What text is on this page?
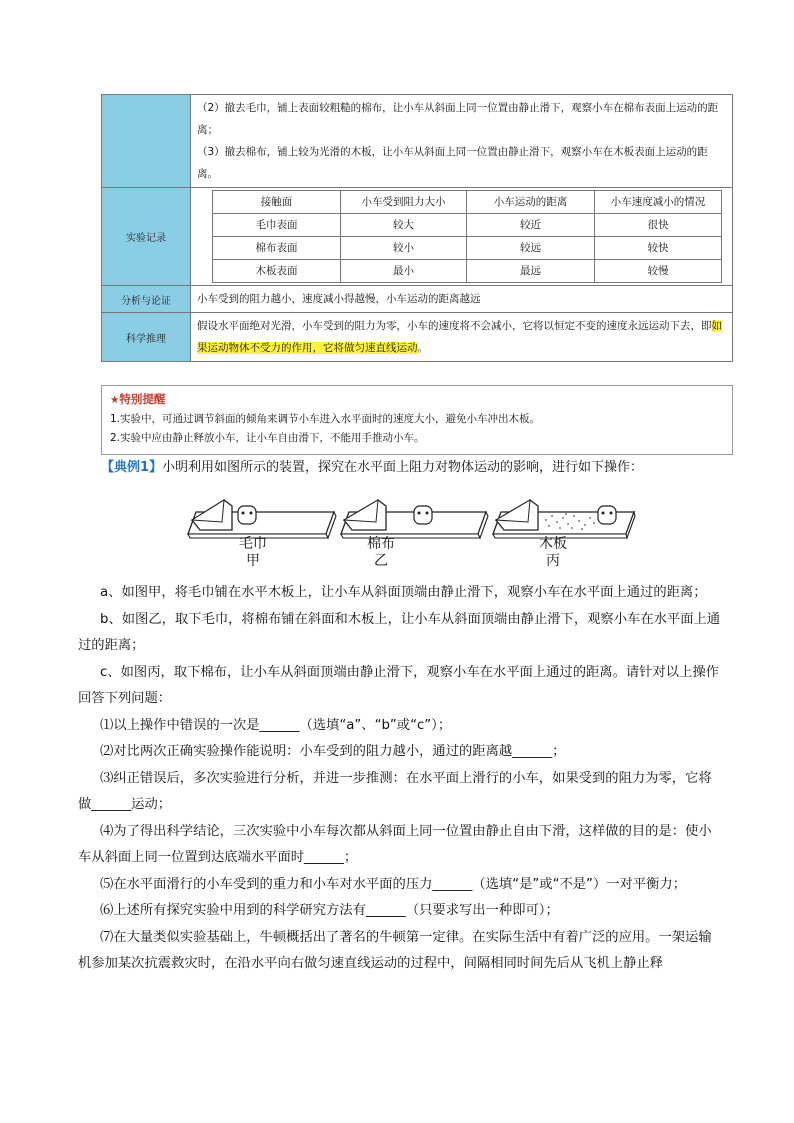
（2）撤去毛巾，铺上表面较粗糙的棉布，让小车从斜面上同一位置由静止滑下，观察小车在棉布表面上运动的距离；

（3）撤去棉布，铺上较为光滑的木板，让小车从斜面上同一位置由静止滑下，观察小车在木板表面上运动的距离。

实验记录	
接触面	小车受到阻力大小	小车运动的距离	小车速度减小的情况
毛巾表面	较大	较近	很快
棉布表面	较小	较远	较快
木板表面	最小	最远	较慢

分析与论证	小车受到的阻力越小，速度减小得越慢，小车运动的距离越远
科学推理	假设水平面绝对光滑，小车受到的阻力为零，小车的速度将不会减小，它将以恒定不变的速度永远运动下去，即如果运动物体不受力的作用，它将做匀速直线运动。
★特别提醒
1.实验中，可通过调节斜面的倾角来调节小车进入水平面时的速度大小，避免小车冲出木板。
2.实验中应由静止释放小车，让小车自由滑下，不能用手推动小车。
【典例1】小明利用如图所示的装置，探究在水平面上阻力对物体运动的影响，进行如下操作：
毛巾
甲
棉布
乙
木板
丙

a、如图甲，将毛巾铺在水平木板上，让小车从斜面顶端由静止滑下，观察小车在水平面上通过的距离；

b、如图乙，取下毛巾，将棉布铺在斜面和木板上，让小车从斜面顶端由静止滑下，观察小车在水平面上通过的距离；

c、如图丙，取下棉布，让小车从斜面顶端由静止滑下，观察小车在水平面上通过的距离。请针对以上操作回答下列问题：

⑴以上操作中错误的一次是______（选填“a”、“b”或“c”）；

⑵对比两次正确实验操作能说明：小车受到的阻力越小，通过的距离越______；

⑶纠正错误后，多次实验进行分析，并进一步推测：在水平面上滑行的小车，如果受到的阻力为零，它将做______运动；

⑷为了得出科学结论，三次实验中小车每次都从斜面上同一位置由静止自由下滑，这样做的目的是：使小车从斜面上同一位置到达底端水平面时______；

⑸在水平面滑行的小车受到的重力和小车对水平面的压力______（选填“是”或“不是”）一对平衡力；

⑹上述所有探究实验中用到的科学研究方法有______（只要求写出一种即可）；

⑺在大量类似实验基础上，牛顿概括出了著名的牛顿第一定律。在实际生活中有着广泛的应用。一架运输机参加某次抗震救灾时，在沿水平向右做匀速直线运动的过程中，间隔相同时间先后从飞机上静止释
